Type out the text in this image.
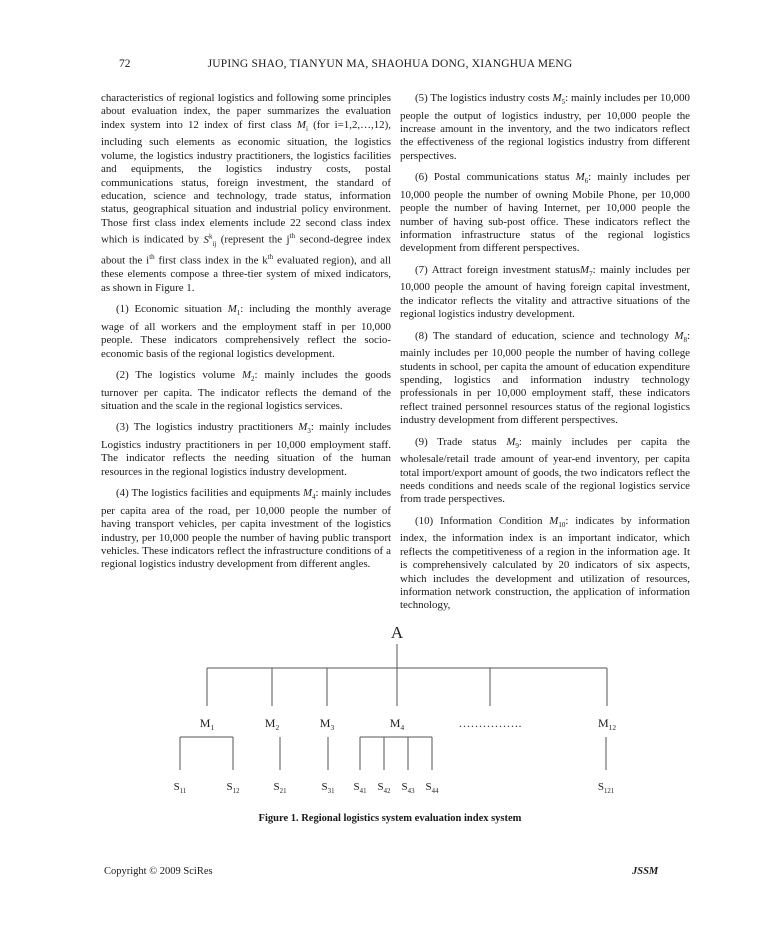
72	JUPING SHAO, TIANYUN MA, SHAOHUA DONG, XIANGHUA MENG

characteristics of regional logistics and following some principles about evaluation index, the paper summarizes the evaluation index system into 12 index of first class $M_i$ (for i=1,2,…,12), including such elements as economic situation, the logistics volume, the logistics industry practitioners, the logistics facilities and equipments, the logistics industry costs, postal communications status, foreign investment, the standard of education, science and technology, trade status, information status, geographical situation and industrial policy environment. Those first class index elements include 22 second class index which is indicated by $S^k_{ij}$ (represent the $j^{th}$ second-degree index about the $i^{th}$ first class index in the $k^{th}$ evaluated region), and all these elements compose a three-tier system of mixed indicators, as shown in Figure 1.

(1) Economic situation $M_1$: including the monthly average wage of all workers and the employment staff in per 10,000 people. These indicators comprehensively reflect the socio-economic basis of the regional logistics development.

(2) The logistics volume $M_2$: mainly includes the goods turnover per capita. The indicator reflects the demand of the situation and the scale in the regional logistics services.

(3) The logistics industry practitioners $M_3$: mainly includes Logistics industry practitioners in per 10,000 employment staff. The indicator reflects the needing situation of the human resources in the regional logistics industry development.

(4) The logistics facilities and equipments $M_4$: mainly includes per capita area of the road, per 10,000 people the number of having transport vehicles, per capita investment of the logistics industry, per 10,000 people the number of having public transport vehicles. These indicators reflect the infrastructure conditions of a regional logistics industry development from different angles.

(5) The logistics industry costs $M_5$: mainly includes per 10,000 people the output of logistics industry, per 10,000 people the increase amount in the inventory, and the two indicators reflect the effectiveness of the regional logistics industry from different perspectives.

(6) Postal communications status $M_6$: mainly includes per 10,000 people the number of owning Mobile Phone, per 10,000 people the number of having Internet, per 10,000 people the number of having sub-post office. These indicators reflect the information infrastructure status of the regional logistics development from different perspectives.

(7) Attract foreign investment statusM$_7$: mainly includes per 10,000 people the amount of having foreign capital investment, the indicator reflects the vitality and attractive situations of the regional logistics industry development.

(8) The standard of education, science and technology $M_8$: mainly includes per 10,000 people the number of having college students in school, per capita the amount of education expenditure spending, logistics and information industry technology professionals in per 10,000 employment staff, these indicators reflect trained personnel resources status of the regional logistics industry development from different perspectives.

(9) Trade status $M_9$: mainly includes per capita the wholesale/retail trade amount of year-end inventory, per capita total import/export amount of goods, the two indicators reflect the needs conditions and needs scale of the regional logistics service from trade perspectives.

(10) Information Condition $M_{10}$: indicates by information index, the information index is an important indicator, which reflects the competitiveness of a region in the information age. It is comprehensively calculated by 20 indicators of six aspects, which includes the development and utilization of resources, information network construction, the application of information technology,

A
$M_1$	$M_2$	$M_3$	$M_4$	…………….	$M_{12}$
$S_{11}$	$S_{12}$	$S_{21}$	$S_{31}$ $S_{41}$ $S_{42}$ $S_{43}$ $S_{44}$	$S_{121}$
Figure 1. Regional logistics system evaluation index system
Copyright © 2009 SciRes	JSSM
